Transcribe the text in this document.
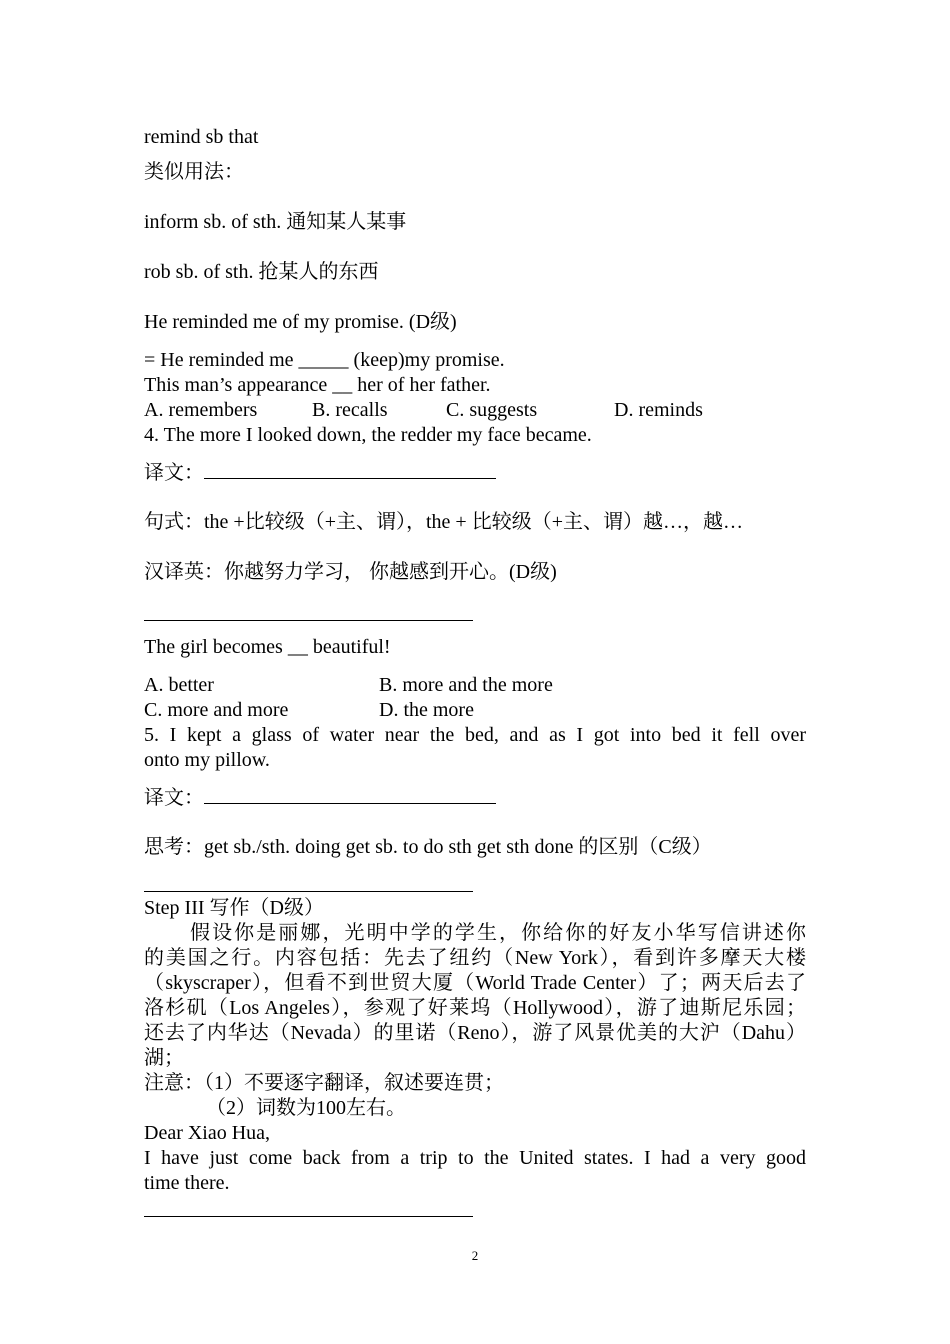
remind sb that
类似用法：
inform sb. of sth. 通知某人某事
rob sb. of sth. 抢某人的东西
He reminded me of my promise. (D级)
= He reminded me _____ (keep)my promise.
This man’s appearance __ her of her father.
A. remembers	B. recalls	C. suggests	D. reminds
4. The more I looked down, the redder my face became.
译文：
句式：the +比较级（+主、谓），the + 比较级（+主、谓）越…，越…
汉译英：你越努力学习， 你越感到开心。(D级)
The girl becomes __ beautiful!
A. better	B. more and the more
C. more and more	D. the more
5. I kept a glass of water near the bed, and as I got into bed it fell over
onto my pillow.
译文：
思考：get sb./sth. doing get sb. to do sth get sth done 的区别（C级）
Step III 写作（D级）
假设你是丽娜，光明中学的学生，你给你的好友小华写信讲述你
的美国之行。内容包括：先去了纽约（New York），看到许多摩天大楼
（skyscraper），但看不到世贸大厦（World Trade Center）了；两天后去了
洛杉矶（Los Angeles），参观了好莱坞（Hollywood），游了迪斯尼乐园；
还去了内华达（Nevada）的里诺（Reno），游了风景优美的大沪（Dahu）
湖；
注意：（1）不要逐字翻译，叙述要连贯；
（2）词数为100左右。
Dear Xiao Hua,
I have just come back from a trip to the United states. I had a very good
time there.
2
